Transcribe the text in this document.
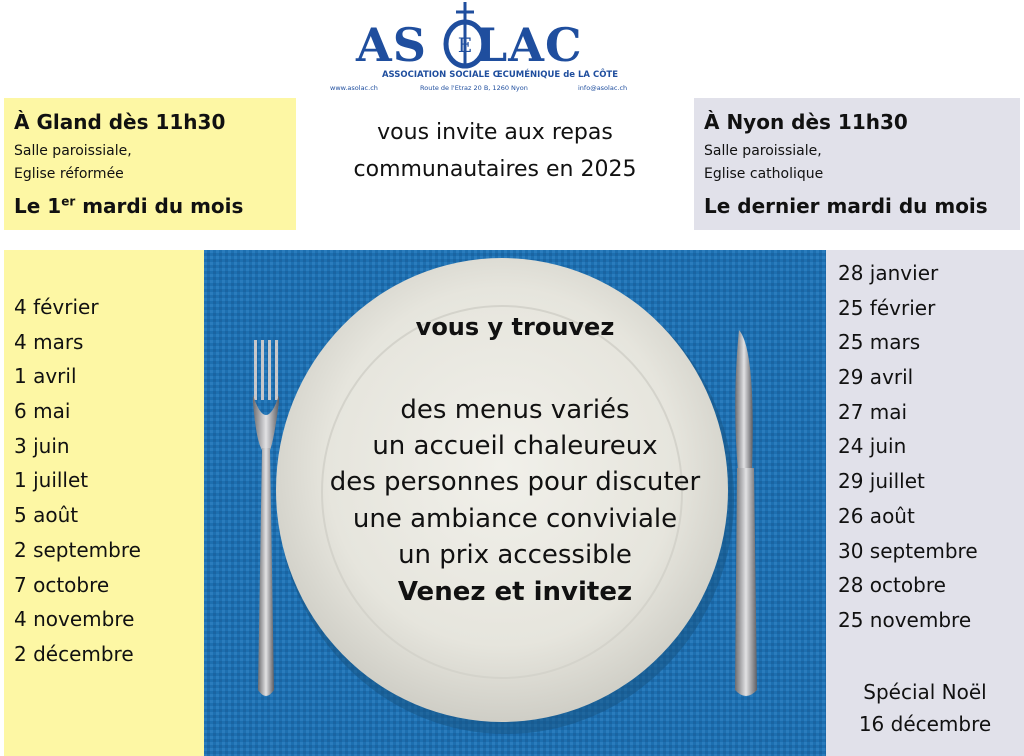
AS LAC
E
ASSOCIATION SOCIALE ŒCUMÉNIQUE de LA CÔTE
www.asolac.ch	Route de l'Etraz 20 B, 1260 Nyon	info@asolac.ch
À Gland dès 11h30
Salle paroissiale,
Eglise réformée
Le 1er mardi du mois
vous invite aux repas
communautaires en 2025
À Nyon dès 11h30
Salle paroissiale,
Eglise catholique
Le dernier mardi du mois
4 février
4 mars
1 avril
6 mai
3 juin
1 juillet
5 août
2 septembre
7 octobre
4 novembre
2 décembre
28 janvier
25 février
25 mars
29 avril
27 mai
24 juin
29 juillet
26 août
30 septembre
28 octobre
25 novembre
Spécial Noël
16 décembre
vous y trouvez
des menus variés
un accueil chaleureux
des personnes pour discuter
une ambiance conviviale
un prix accessible
Venez et invitez
